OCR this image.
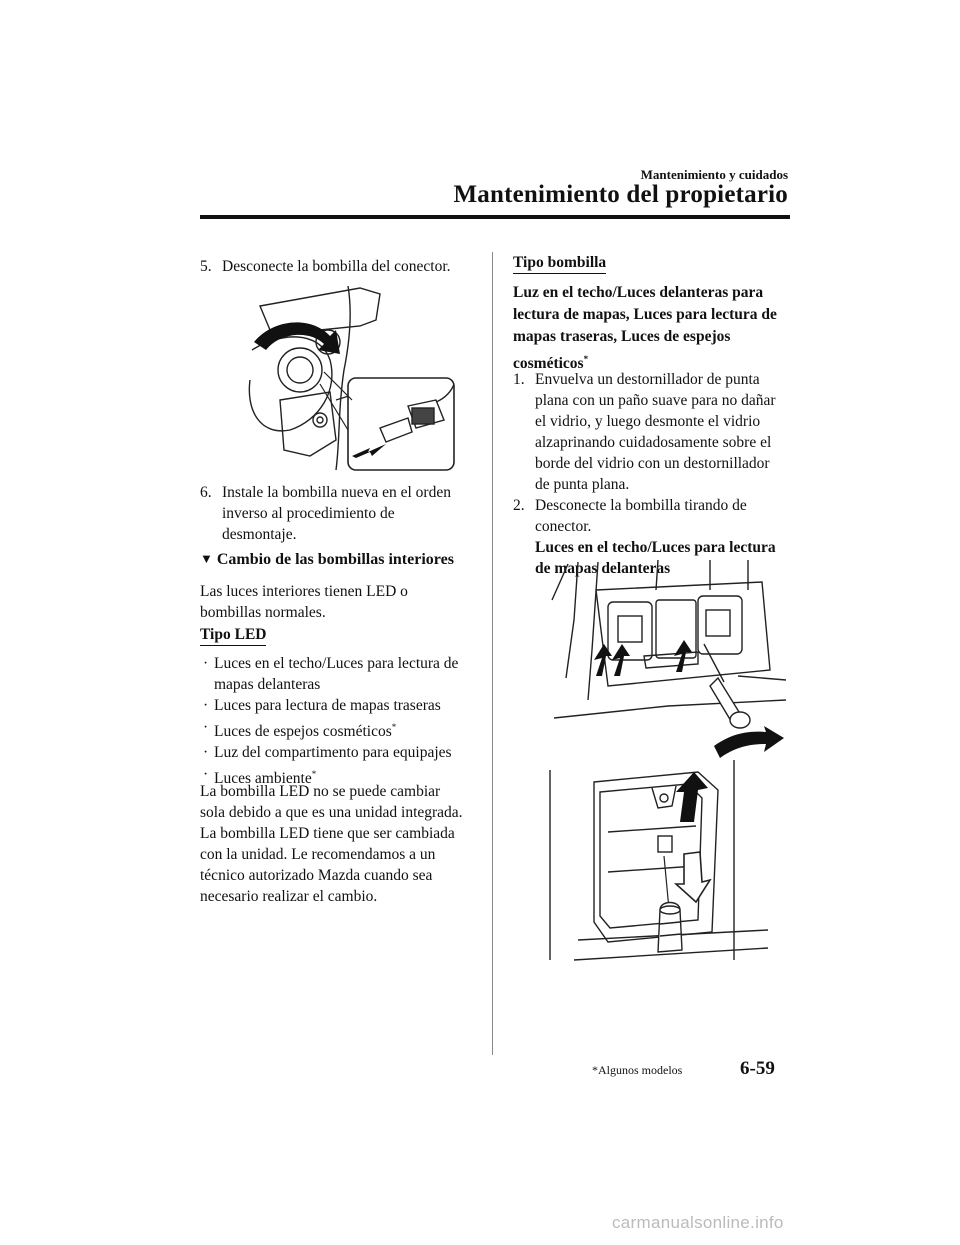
Mantenimiento y cuidados
Mantenimiento del propietario
5. Desconecte la bombilla del conector.
6. Instale la bombilla nueva en el orden
inverso al procedimiento de
desmontaje.
▼ Cambio de las bombillas interiores
Las luces interiores tienen LED o
bombillas normales.
Tipo LED
· Luces en el techo/Luces para lectura de
mapas delanteras
· Luces para lectura de mapas traseras
· Luces de espejos cosméticos*
· Luz del compartimento para equipajes
· Luces ambiente*
La bombilla LED no se puede cambiar
sola debido a que es una unidad integrada.
La bombilla LED tiene que ser cambiada
con la unidad. Le recomendamos a un
técnico autorizado Mazda cuando sea
necesario realizar el cambio.
Tipo bombilla
Luz en el techo/Luces delanteras para
lectura de mapas, Luces para lectura de
mapas traseras, Luces de espejos
cosméticos*
1. Envuelva un destornillador de punta
plana con un paño suave para no dañar
el vidrio, y luego desmonte el vidrio
alzaprinando cuidadosamente sobre el
borde del vidrio con un destornillador
de punta plana.
2. Desconecte la bombilla tirando de
conector.
Luces en el techo/Luces para lectura
de mapas delanteras
*Algunos modelos	6-59
carmanualsonline.info
